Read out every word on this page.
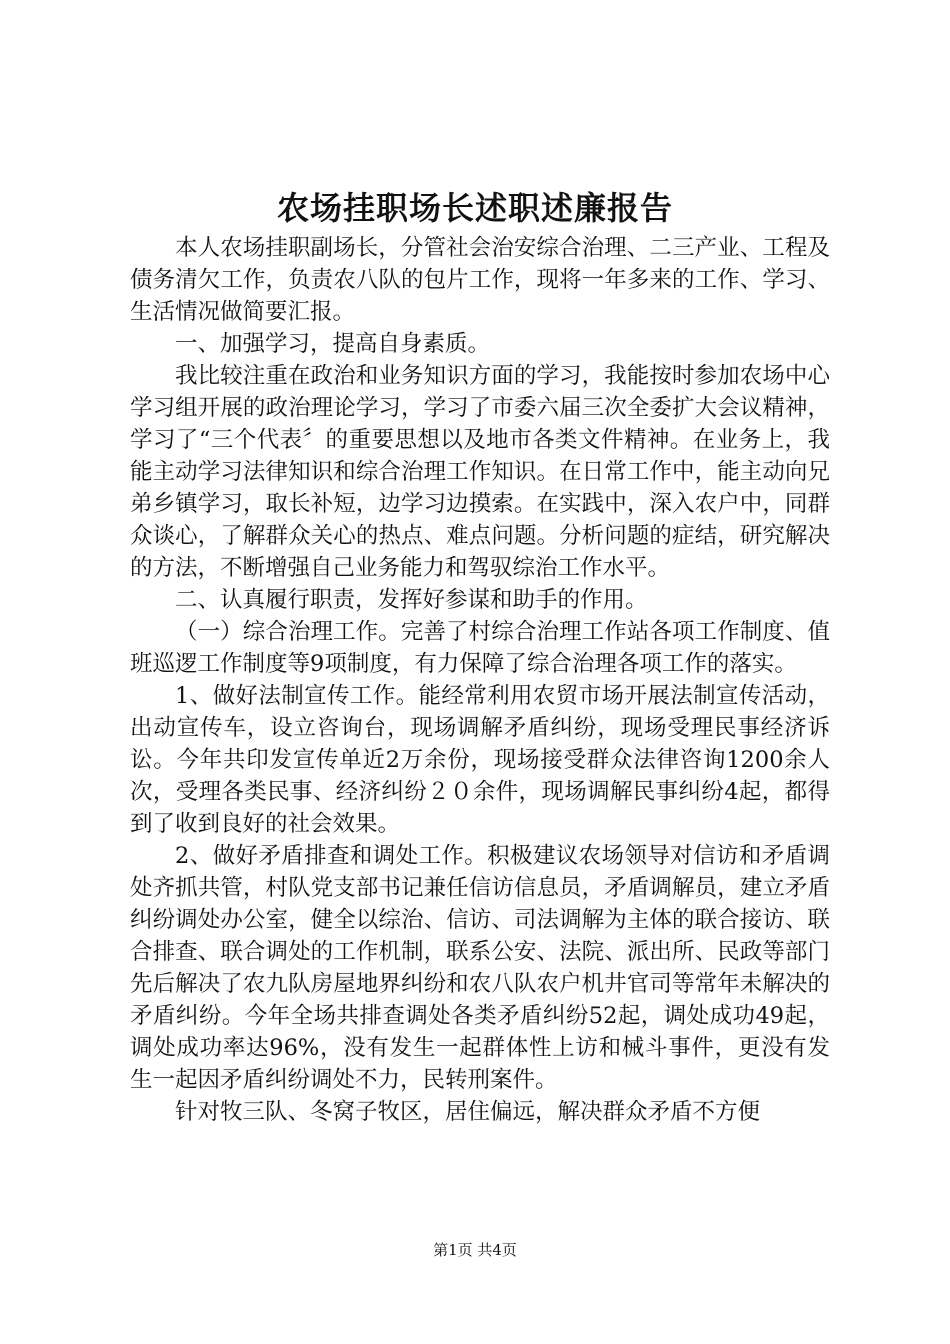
农场挂职场长述职述廉报告

本人农场挂职副场长，分管社会治安综合治理、二三产业、工程及债务清欠工作，负责农八队的包片工作，现将一年多来的工作、学习、生活情况做简要汇报。

一、加强学习，提高自身素质。

我比较注重在政治和业务知识方面的学习，我能按时参加农场中心学习组开展的政治理论学习，学习了市委六届三次全委扩大会议精神，学习了“三个代表〞的重要思想以及地市各类文件精神。在业务上，我能主动学习法律知识和综合治理工作知识。在日常工作中，能主动向兄弟乡镇学习，取长补短，边学习边摸索。在实践中，深入农户中，同群众谈心，了解群众关心的热点、难点问题。分析问题的症结，研究解决的方法，不断增强自己业务能力和驾驭综治工作水平。

二、认真履行职责，发挥好参谋和助手的作用。

（一）综合治理工作。完善了村综合治理工作站各项工作制度、值班巡逻工作制度等9项制度，有力保障了综合治理各项工作的落实。

1、做好法制宣传工作。能经常利用农贸市场开展法制宣传活动，出动宣传车，设立咨询台，现场调解矛盾纠纷，现场受理民事经济诉讼。今年共印发宣传单近2万余份，现场接受群众法律咨询1200余人次，受理各类民事、经济纠纷２０余件，现场调解民事纠纷4起，都得到了收到良好的社会效果。

2、做好矛盾排查和调处工作。积极建议农场领导对信访和矛盾调处齐抓共管，村队党支部书记兼任信访信息员，矛盾调解员，建立矛盾纠纷调处办公室，健全以综治、信访、司法调解为主体的联合接访、联合排查、联合调处的工作机制，联系公安、法院、派出所、民政等部门先后解决了农九队房屋地界纠纷和农八队农户机井官司等常年未解决的矛盾纠纷。今年全场共排查调处各类矛盾纠纷52起，调处成功49起，调处成功率达96%，没有发生一起群体性上访和械斗事件，更没有发生一起因矛盾纠纷调处不力，民转刑案件。

针对牧三队、冬窝子牧区，居住偏远，解决群众矛盾不方便

第1页 共4页
